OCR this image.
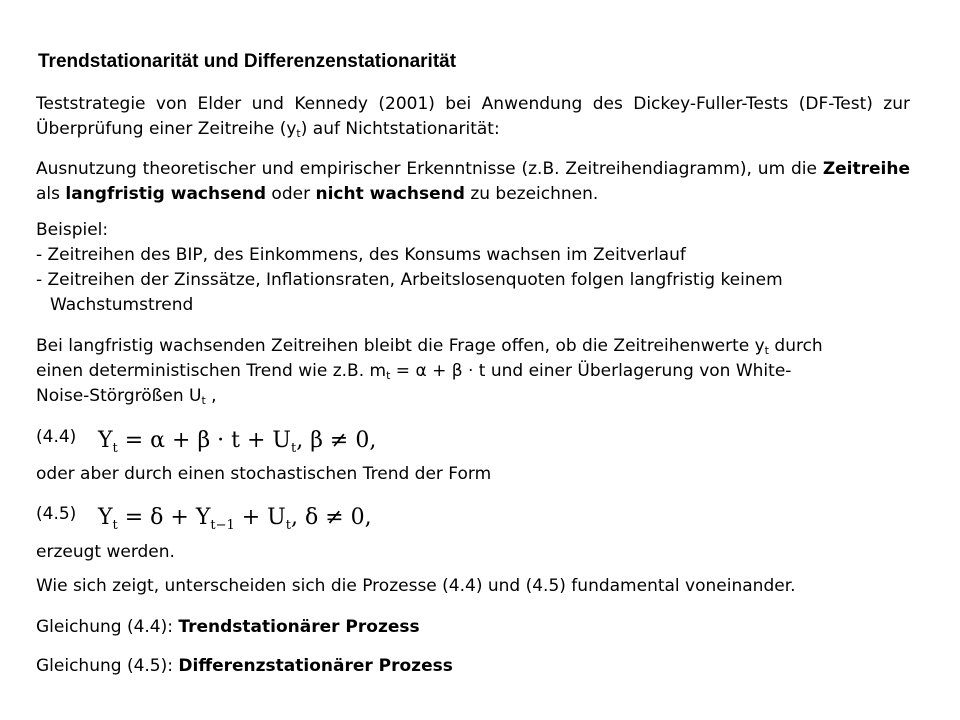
Trendstationarität und Differenzenstationarität
Teststrategie von Elder und Kennedy (2001) bei Anwendung des Dickey-Fuller-Tests (DF-Test) zur Überprüfung einer Zeitreihe $(y_t)$ auf Nichtstationarität:
Ausnutzung theoretischer und empirischer Erkenntnisse (z.B. Zeitreihendiagramm), um die Zeitreihe als langfristig wachsend oder nicht wachsend zu bezeichnen.
Beispiel:
- Zeitreihen des BIP, des Einkommens, des Konsums wachsen im Zeitverlauf
- Zeitreihen der Zinssätze, Inflationsraten, Arbeitslosenquoten folgen langfristig keinem
Wachstumstrend
Bei langfristig wachsenden Zeitreihen bleibt die Frage offen, ob die Zeitreihenwerte $y_t$ durch
einen deterministischen Trend wie z.B. $m_t = \alpha + \beta \cdot t$ und einer Überlagerung von White-
Noise-Störgrößen $U_t$ ,
(4.4) $Y_t = \alpha + \beta \cdot t + U_t$, β ≠ 0,
oder aber durch einen stochastischen Trend der Form
(4.5) $Y_t = \delta + Y_{t-1} + U_t$, δ ≠ 0,
erzeugt werden.
Wie sich zeigt, unterscheiden sich die Prozesse (4.4) und (4.5) fundamental voneinander.
Gleichung (4.4): Trendstationärer Prozess
Gleichung (4.5): Differenzstationärer Prozess
